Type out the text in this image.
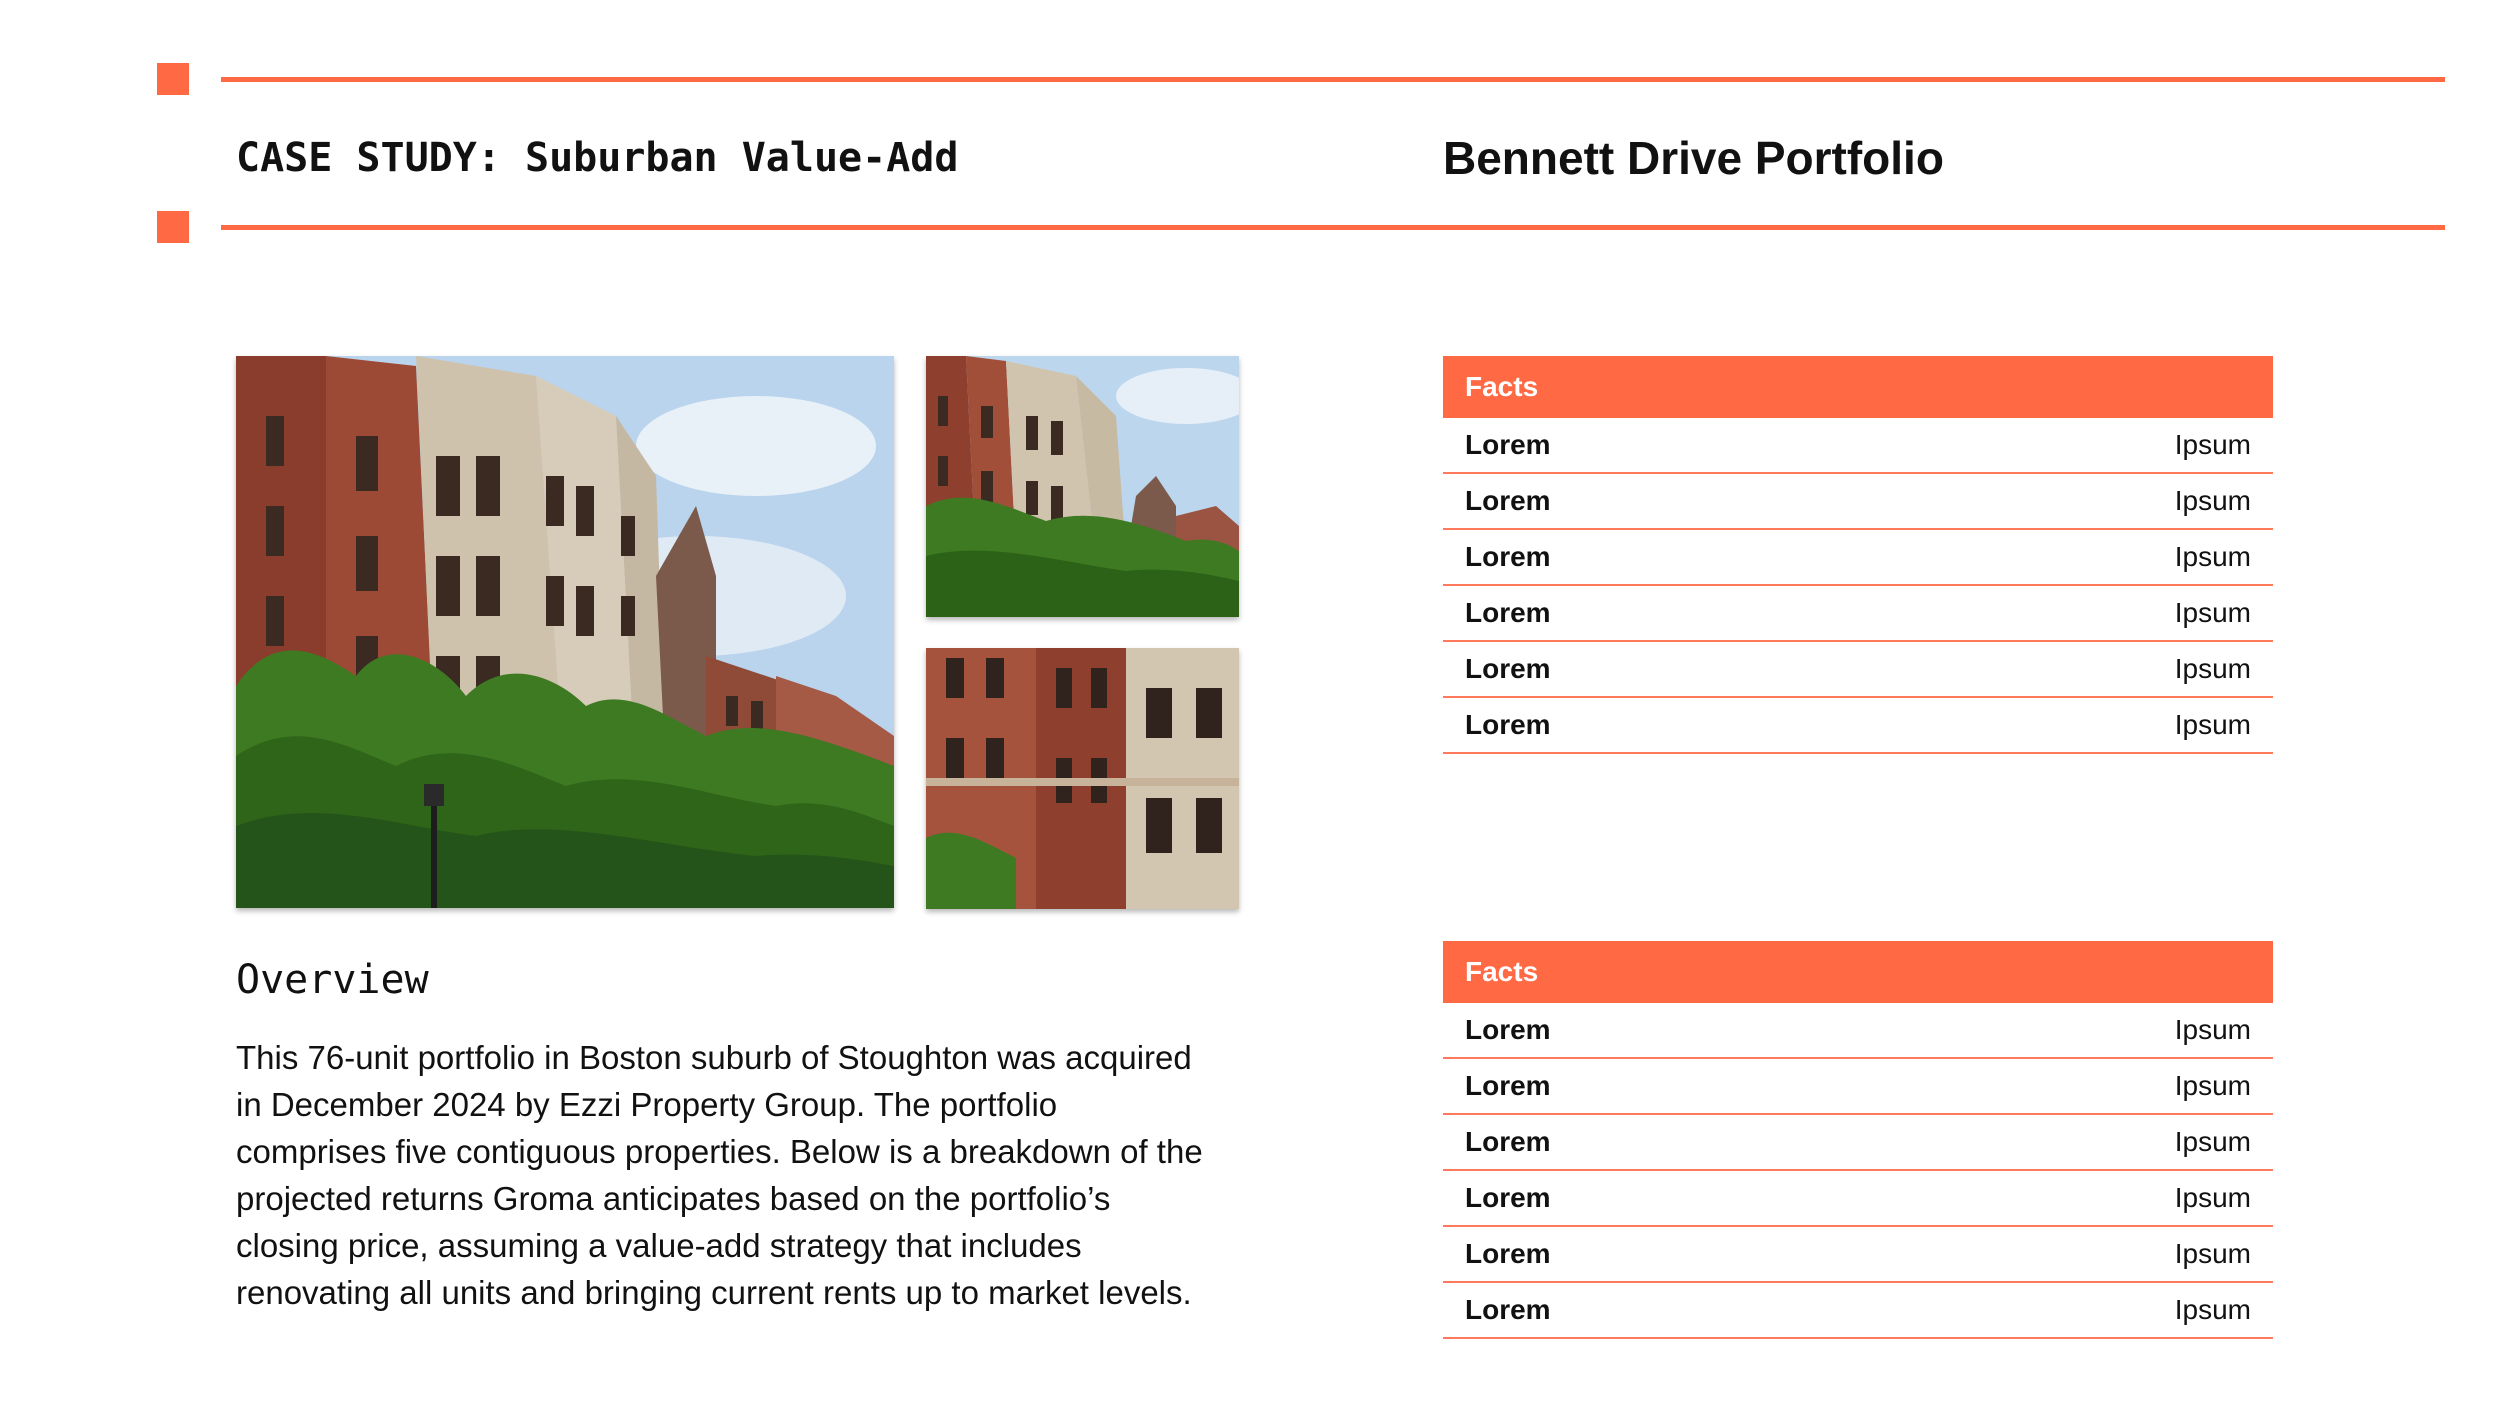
CASE STUDY: Suburban Value-Add	Bennett Drive Portfolio
Overview
This 76-unit portfolio in Boston suburb of Stoughton was acquired
in December 2024 by Ezzi Property Group. The portfolio
comprises five contiguous properties. Below is a breakdown of the
projected returns Groma anticipates based on the portfolio’s
closing price, assuming a value-add strategy that includes
renovating all units and bringing current rents up to market levels.
Facts
Lorem	Ipsum
Lorem	Ipsum
Lorem	Ipsum
Lorem	Ipsum
Lorem	Ipsum
Lorem	Ipsum
Facts
Lorem	Ipsum
Lorem	Ipsum
Lorem	Ipsum
Lorem	Ipsum
Lorem	Ipsum
Lorem	Ipsum
